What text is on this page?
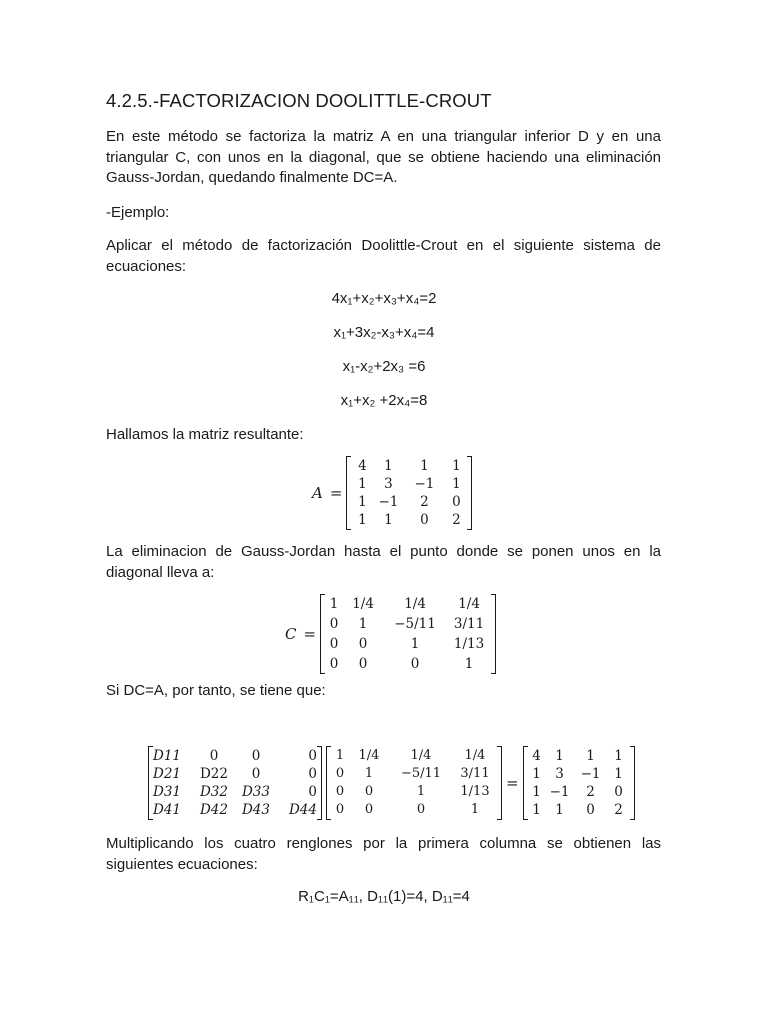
4.2.5.-FACTORIZACION DOOLITTLE-CROUT
En este método se factoriza la matriz A en una triangular inferior D y en una triangular C, con unos en la diagonal, que se obtiene haciendo una eliminación Gauss-Jordan, quedando finalmente DC=A.
-Ejemplo:
Aplicar el método de factorización Doolittle-Crout en el siguiente sistema de ecuaciones:
4x₁+x₂+x₃+x₄=2
x₁+3x₂-x₃+x₄=4
x₁-x₂+2x₃ =6
x₁+x₂ +2x₄=8
Hallamos la matriz resultante:
A =
4	1	1	1
1	3	−1	1
1 −1	2	0
1	1	0	2
La eliminacion de Gauss-Jordan hasta el punto donde se ponen unos en la diagonal lleva a:
C =
1	1/4	1/4	1/4
0	1	−5/11	3/11
0	0	1	1/13
0	0	0	1
Si DC=A, por tanto, se tiene que:
D11	0	0	0
D21	D22	0	0
D31	D32	D33	0
D41	D42	D43	D44
1	1/4	1/4	1/4
0	1	−5/11	3/11
0	0	1	1/13
0	0	0	1
=
4	1	1	1
1	3	−1	1
1 −1	2	0
1	1	0	2
Multiplicando los cuatro renglones por la primera columna se obtienen las siguientes ecuaciones:
R₁C₁=A₁₁, D₁₁(1)=4, D₁₁=4
